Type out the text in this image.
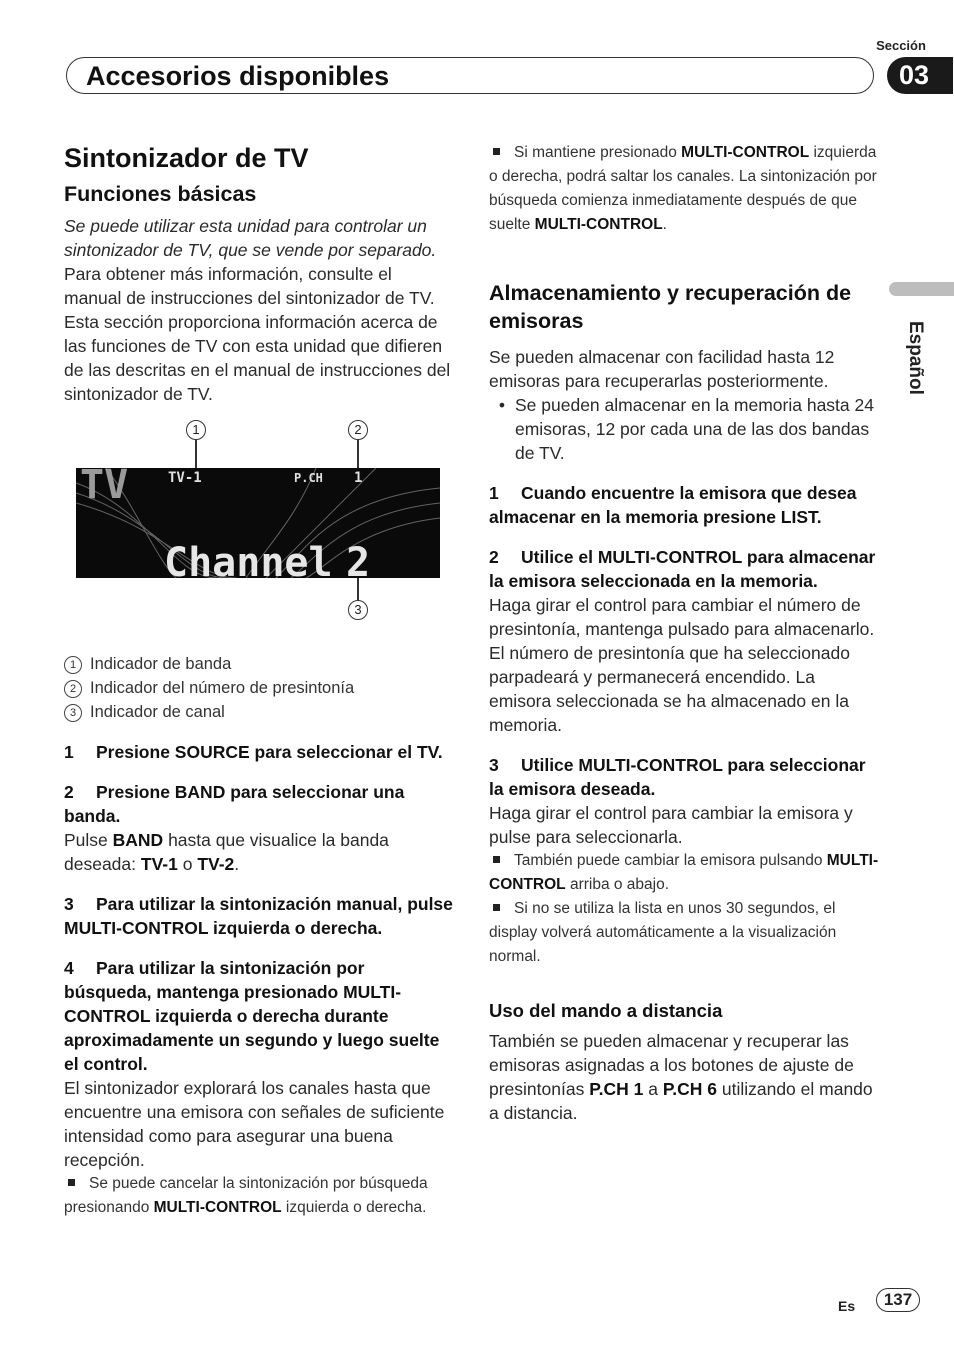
Sección
Accesorios disponibles	03
Español
Sintonizador de TV
Funciones básicas

Se puede utilizar esta unidad para controlar un sintonizador de TV, que se vende por separado. Para obtener más información, consulte el manual de instrucciones del sintonizador de TV. Esta sección proporciona información acerca de las funciones de TV con esta unidad que difieren de las descritas en el manual de instrucciones del sintonizador de TV.

1	2
TV	TV-1	P.CH 1
Channel 2
3
1 Indicador de banda
2 Indicador del número de presintonía
3 Indicador de canal

1 Presione SOURCE para seleccionar el TV.

2 Presione BAND para seleccionar una banda.

Pulse BAND hasta que visualice la banda deseada: TV-1 o TV-2.

3 Para utilizar la sintonización manual, pulse MULTI-CONTROL izquierda o derecha.

4 Para utilizar la sintonización por búsqueda, mantenga presionado MULTI-CONTROL izquierda o derecha durante aproximadamente un segundo y luego suelte el control.

El sintonizador explorará los canales hasta que encuentre una emisora con señales de suficiente intensidad como para asegurar una buena recepción.

Se puede cancelar la sintonización por búsqueda presionando MULTI-CONTROL izquierda o derecha.

Si mantiene presionado MULTI-CONTROL izquierda o derecha, podrá saltar los canales. La sintonización por búsqueda comienza inmediatamente después de que suelte MULTI-CONTROL.

Almacenamiento y recuperación de emisoras

Se pueden almacenar con facilidad hasta 12 emisoras para recuperarlas posteriormente.

• Se pueden almacenar en la memoria hasta 24 emisoras, 12 por cada una de las dos bandas de TV.

1 Cuando encuentre la emisora que desea almacenar en la memoria presione LIST.

2 Utilice el MULTI-CONTROL para almacenar la emisora seleccionada en la memoria.

Haga girar el control para cambiar el número de presintonía, mantenga pulsado para almacenarlo.

El número de presintonía que ha seleccionado parpadeará y permanecerá encendido. La emisora seleccionada se ha almacenado en la memoria.

3 Utilice MULTI-CONTROL para seleccionar la emisora deseada.

Haga girar el control para cambiar la emisora y pulse para seleccionarla.

También puede cambiar la emisora pulsando MULTI-CONTROL arriba o abajo.

Si no se utiliza la lista en unos 30 segundos, el display volverá automáticamente a la visualización normal.

Uso del mando a distancia

También se pueden almacenar y recuperar las emisoras asignadas a los botones de ajuste de presintonías P.CH 1 a P.CH 6 utilizando el mando a distancia.

Es	137
